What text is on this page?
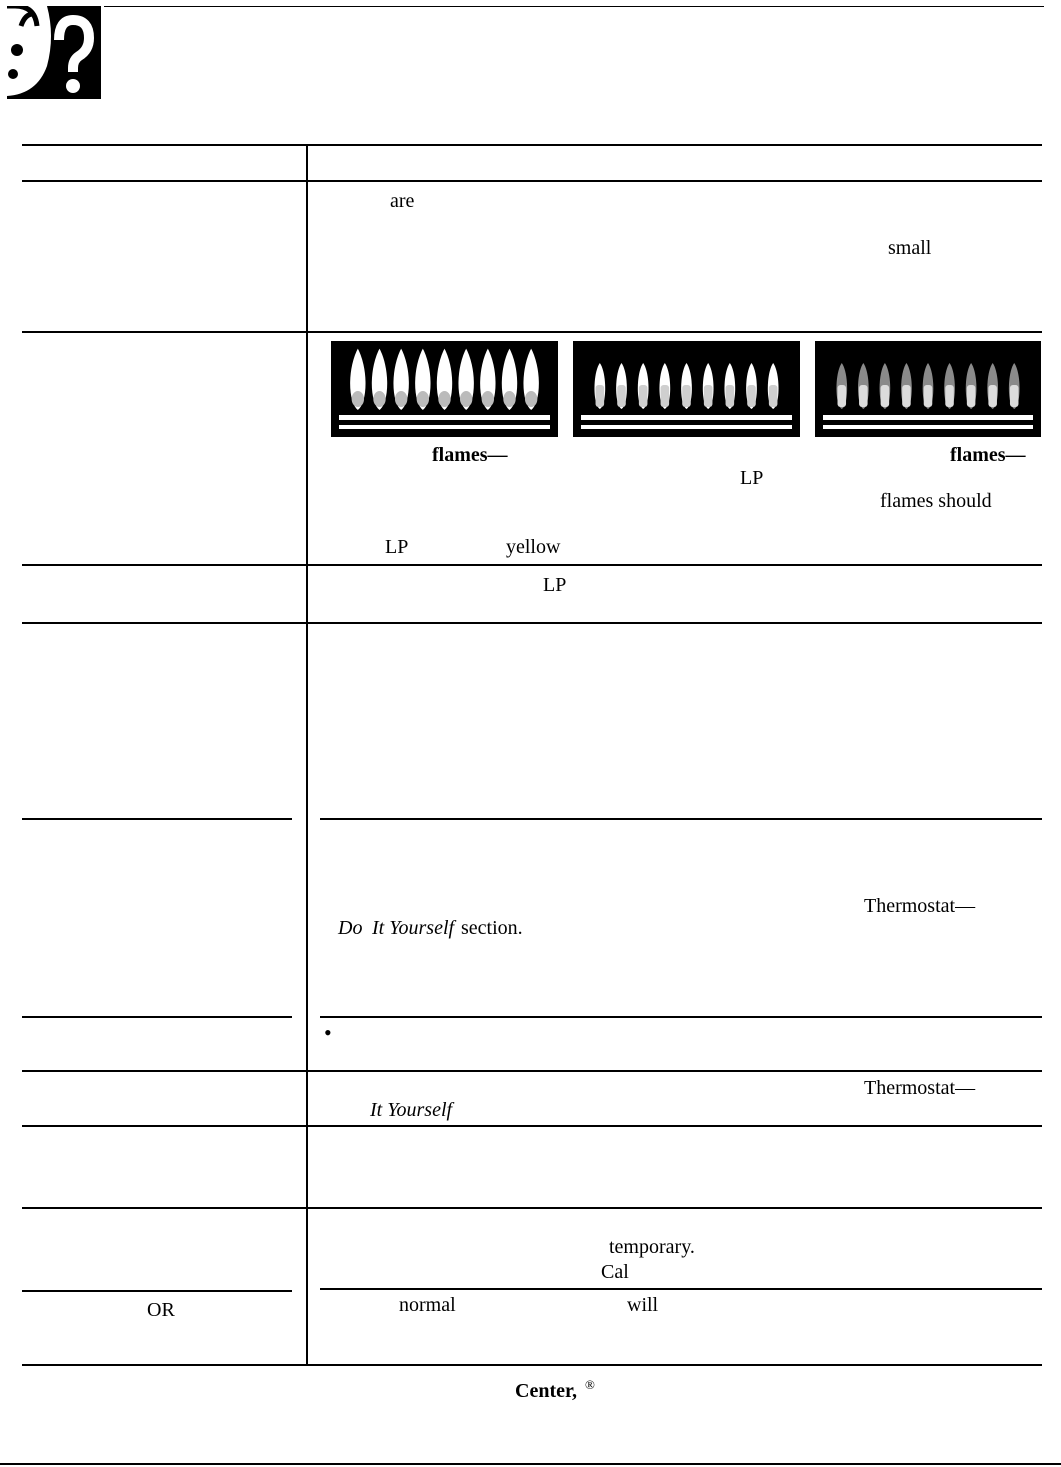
are
small
flames—
LP
flames—
flames should
LP	yellow
LP
Thermostat—
Do It Yourself section.
•
Thermostat—
It Yourself
temporary.
Cal
OR	normal	will
Center, ®
